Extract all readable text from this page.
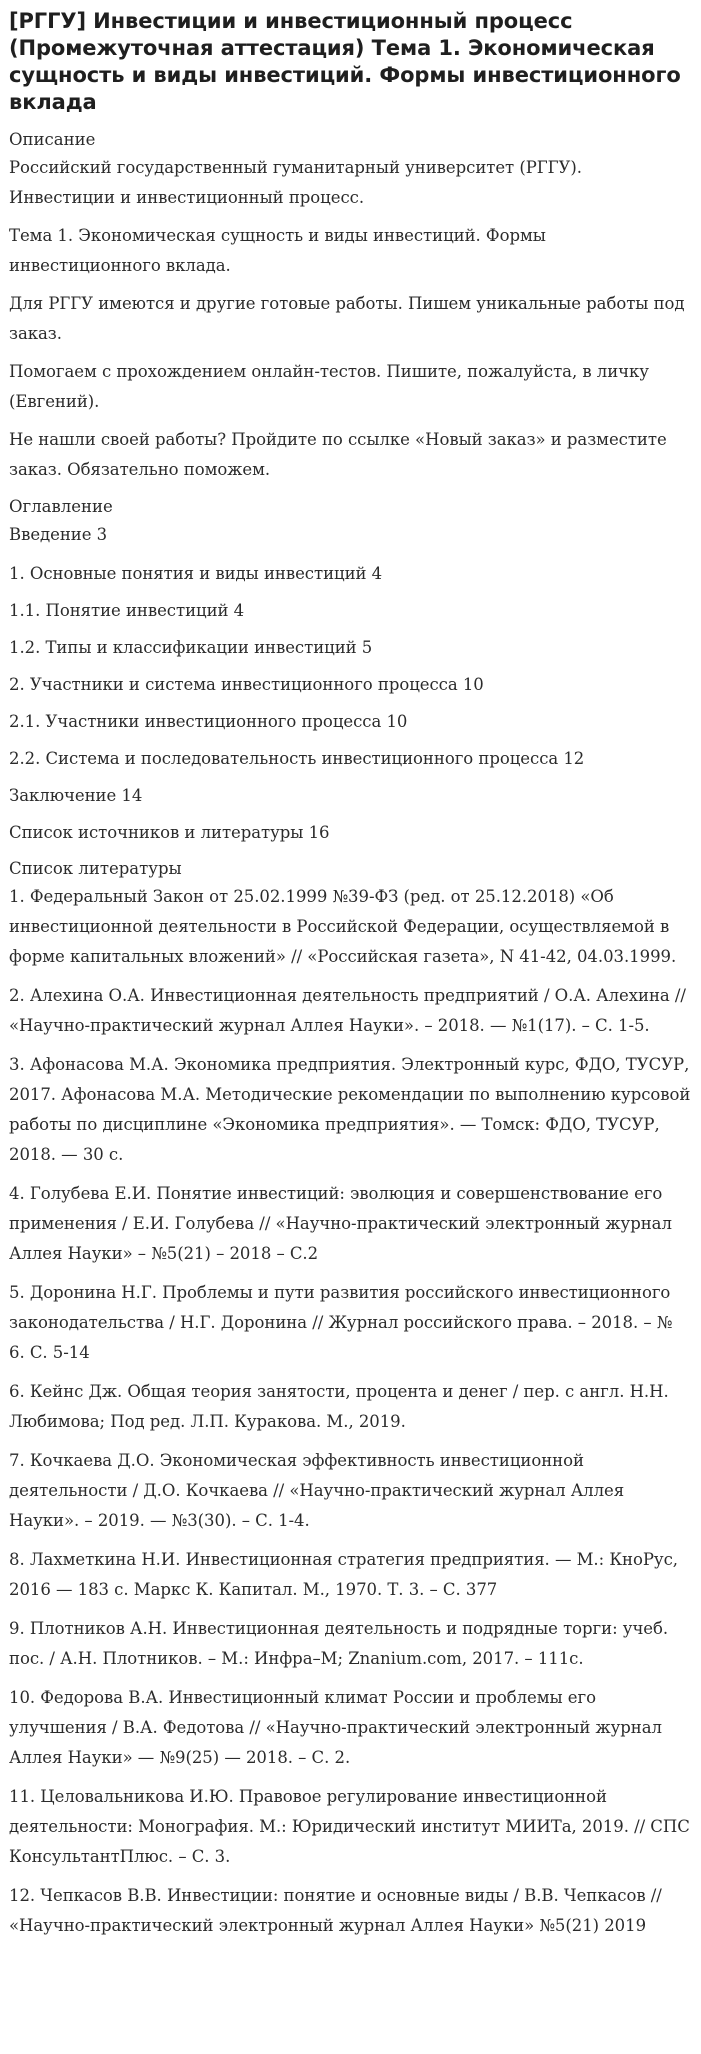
[РГГУ] Инвестиции и инвестиционный процесс (Промежуточная аттестация) Тема 1. Экономическая сущность и виды инвестиций. Формы инвестиционного вклада
Описание

Российский государственный гуманитарный университет (РГГУ). Инвестиции и инвестиционный процесс.

Тема 1. Экономическая сущность и виды инвестиций. Формы инвестиционного вклада.

Для РГГУ имеются и другие готовые работы. Пишем уникальные работы под заказ.

Помогаем с прохождением онлайн-тестов. Пишите, пожалуйста, в личку (Евгений).

Не нашли своей работы? Пройдите по ссылке «Новый заказ» и разместите заказ. Обязательно поможем.

Оглавление

Введение 3

1. Основные понятия и виды инвестиций 4

1.1. Понятие инвестиций 4

1.2. Типы и классификации инвестиций 5

2. Участники и система инвестиционного процесса 10

2.1. Участники инвестиционного процесса 10

2.2. Система и последовательность инвестиционного процесса 12

Заключение 14

Список источников и литературы 16

Список литературы

1. Федеральный Закон от 25.02.1999 №39-ФЗ (ред. от 25.12.2018) «Об инвестиционной деятельности в Российской Федерации, осуществляемой в форме капитальных вложений» // «Российская газета», N 41-42, 04.03.1999.

2. Алехина О.А. Инвестиционная деятельность предприятий / О.А. Алехина // «Научно-практический журнал Аллея Науки». – 2018. — №1(17). – С. 1-5.

3. Афонасова М.А. Экономика предприятия. Электронный курс, ФДО, ТУСУР, 2017. Афонасова М.А. Методические рекомендации по выполнению курсовой работы по дисциплине «Экономика предприятия». — Томск: ФДО, ТУСУР, 2018. — 30 с.

4. Голубева Е.И. Понятие инвестиций: эволюция и совершенствование его применения / Е.И. Голубева // «Научно-практический электронный журнал Аллея Науки» – №5(21) – 2018 – С.2

5. Доронина Н.Г. Проблемы и пути развития российского инвестиционного законодательства / Н.Г. Доронина // Журнал российского права. – 2018. – № 6. С. 5-14

6. Кейнс Дж. Общая теория занятости, процента и денег / пер. с англ. Н.Н. Любимова; Под ред. Л.П. Куракова. М., 2019.

7. Кочкаева Д.О. Экономическая эффективность инвестиционной деятельности / Д.О. Кочкаева // «Научно-практический журнал Аллея Науки». – 2019. — №3(30). – С. 1-4.

8. Лахметкина Н.И. Инвестиционная стратегия предприятия. — М.: КноРус, 2016 — 183 с. Маркс К. Капитал. М., 1970. Т. 3. – С. 377

9. Плотников А.Н. Инвестиционная деятельность и подрядные торги: учеб. пос. / А.Н. Плотников. – М.: Инфра–М; Znanium.com, 2017. – 111с.

10. Федорова В.А. Инвестиционный климат России и проблемы его улучшения / В.А. Федотова // «Научно-практический электронный журнал Аллея Науки» — №9(25) — 2018. – С. 2.

11. Целовальникова И.Ю. Правовое регулирование инвестиционной деятельности: Монография. М.: Юридический институт МИИТа, 2019. // СПС КонсультантПлюс. – С. 3.

12. Чепкасов В.В. Инвестиции: понятие и основные виды / В.В. Чепкасов // «Научно-практический электронный журнал Аллея Науки» №5(21) 2019
